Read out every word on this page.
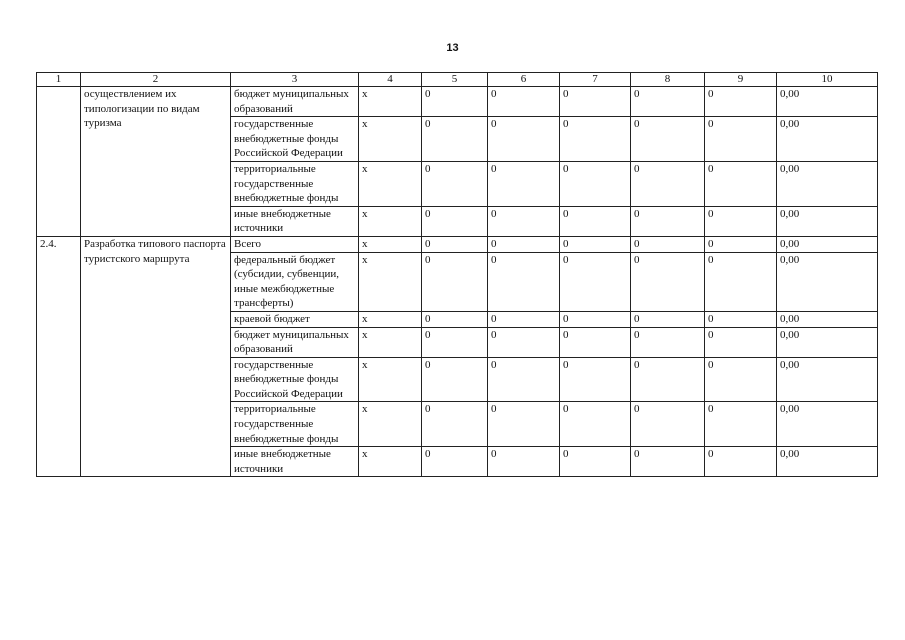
13
1	2	3	4	5	6	7	8	9	10
	осуществлением их типологизации по видам туризма	бюджет муниципальных образований	x	0	0	0	0	0	0,00
		государственные внебюджетные фонды Российской Федерации	x	0	0	0	0	0	0,00
		территориальные государственные внебюджетные фонды	x	0	0	0	0	0	0,00
		иные внебюджетные источники	x	0	0	0	0	0	0,00
2.4.	Разработка типового паспорта туристского маршрута	Всего	x	0	0	0	0	0	0,00
		федеральный бюджет (субсидии, субвенции, иные межбюджетные трансферты)	x	0	0	0	0	0	0,00
		краевой бюджет	x	0	0	0	0	0	0,00
		бюджет муниципальных образований	x	0	0	0	0	0	0,00
		государственные внебюджетные фонды Российской Федерации	x	0	0	0	0	0	0,00
		территориальные государственные внебюджетные фонды	x	0	0	0	0	0	0,00
		иные внебюджетные источники	x	0	0	0	0	0	0,00
